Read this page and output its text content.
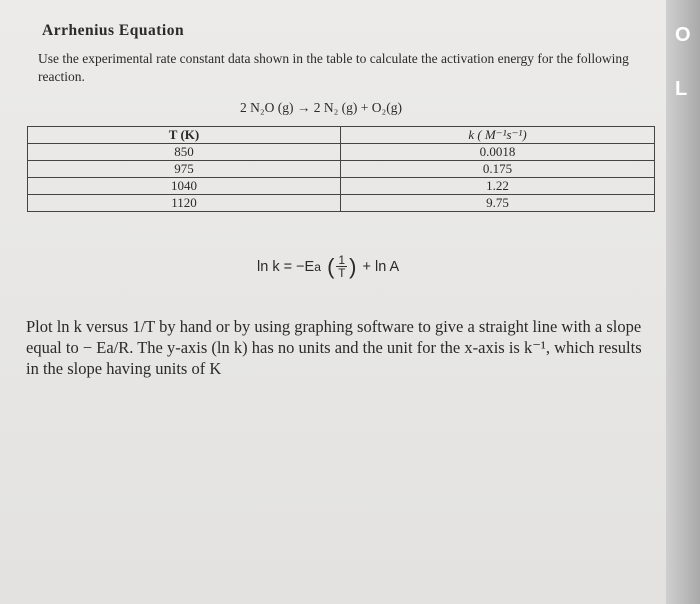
O
L
Arrhenius Equation
Use the experimental rate constant data shown in the table to calculate the activation energy for the following reaction.
2 N₂O (g) → 2 N₂ (g) + O₂(g)
T (K)	k ( M⁻¹s⁻¹)
850	0.0018
975	0.175
1040	1.22
1120	9.75
ln k = −E a ( $\frac{1}{T}$ ) + ln A
Plot ln k versus 1/T by hand or by using graphing software to give a straight line with a slope equal to − Ea/R. The y-axis (ln k) has no units and the unit for the x-axis is k⁻¹, which results in the slope having units of K
